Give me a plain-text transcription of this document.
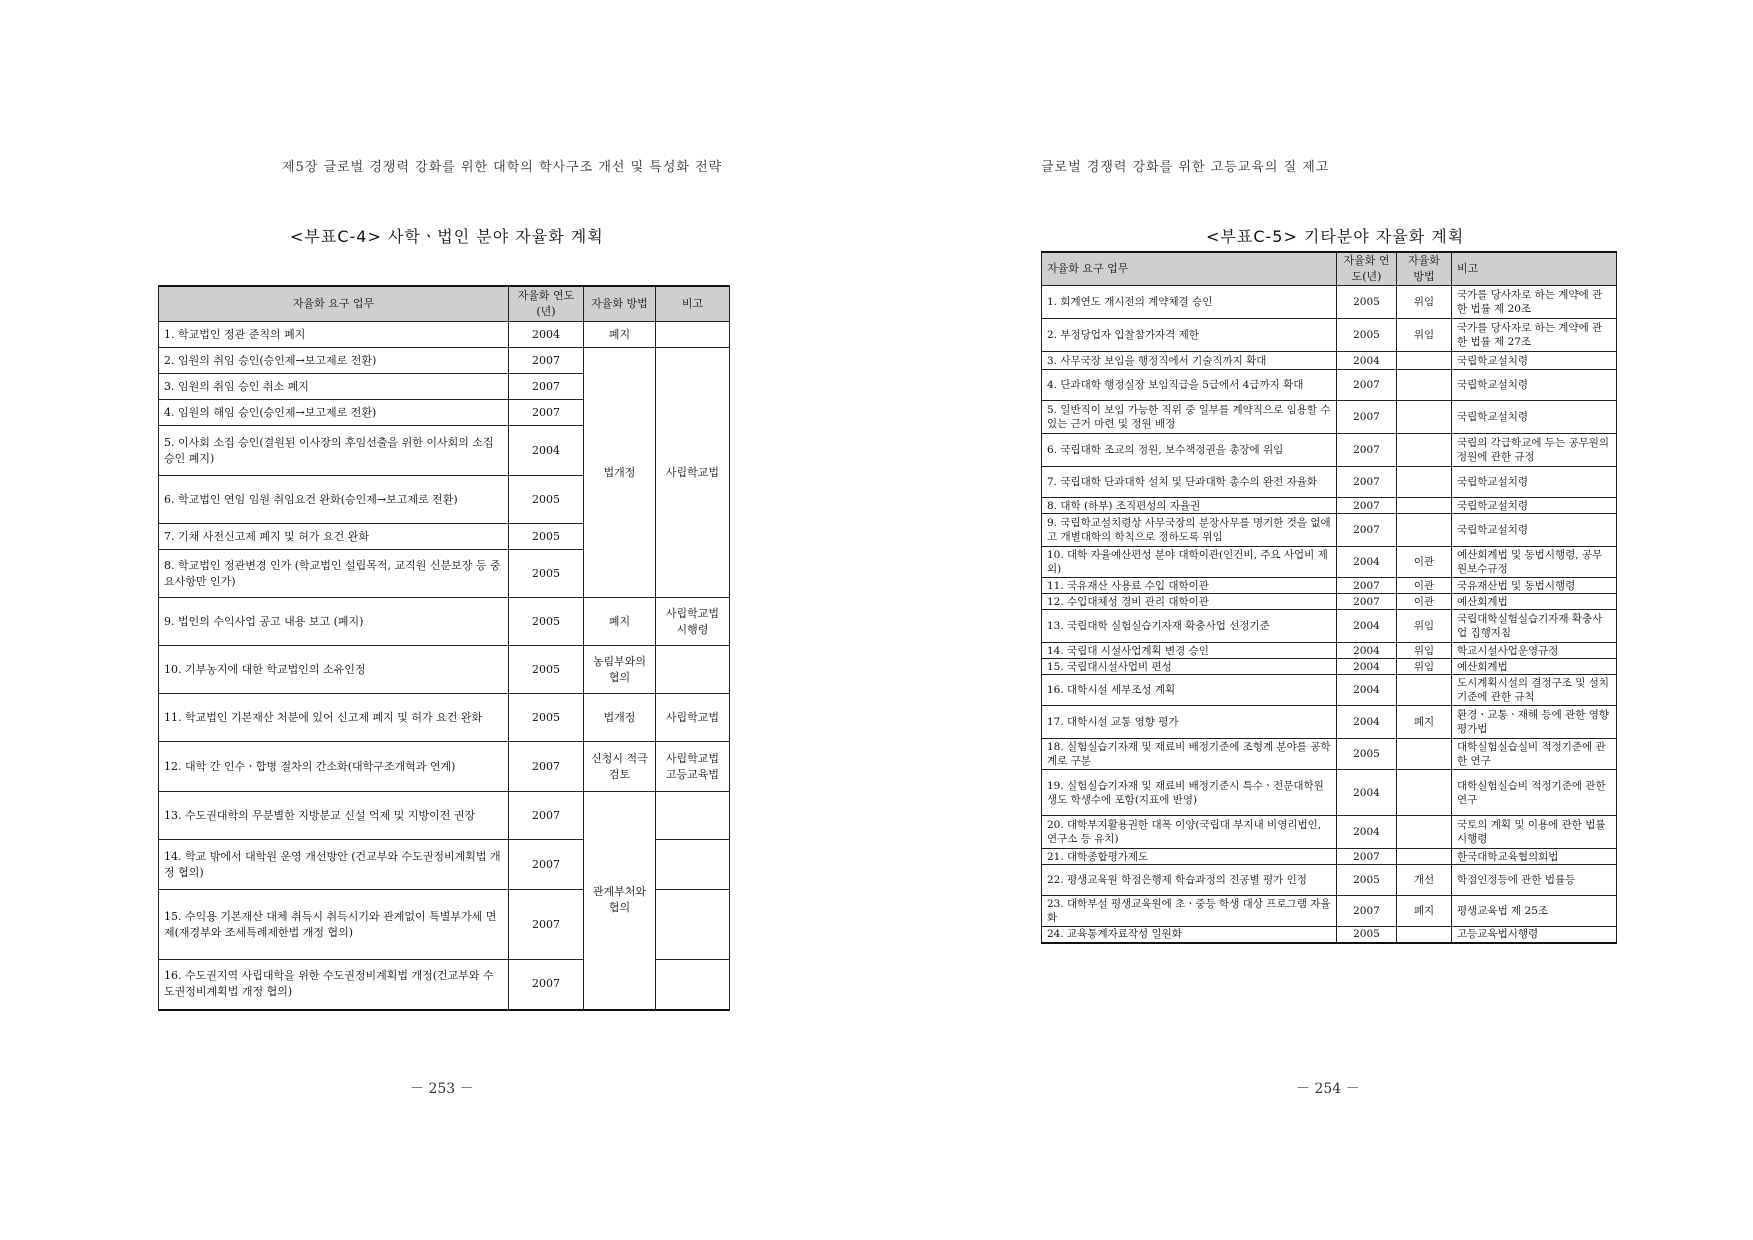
제5장 글로벌 경쟁력 강화를 위한 대학의 학사구조 개선 및 특성화 전략
<부표C-4> 사학ㆍ법인 분야 자율화 계획
자율화 요구 업무	자율화 연도(년)	자율화 방법	비고
1. 학교법인 정관 준칙의 폐지	2004	폐지	
2. 임원의 취임 승인(승인제→보고제로 전환)	2007	법개정	사립학교법
3. 임원의 취임 승인 취소 폐지	2007		
4. 임원의 해임 승인(승인제→보고제로 전환)	2007		
5. 이사회 소집 승인(결원된 이사장의 후임선출을 위한 이사회의 소집 승인 폐지)	2004		
6. 학교법인 연임 임원 취임요건 완화(승인제→보고제로 전환)	2005		
7. 기채 사전신고제 폐지 및 허가 요건 완화	2005		
8. 학교법인 정관변경 인가 (학교법인 설립목적, 교직원 신분보장 등 중요사항만 인가)	2005		
9. 법인의 수익사업 공고 내용 보고 (폐지)	2005	폐지	사립학교법 시행령
10. 기부농지에 대한 학교법인의 소유인정	2005	농림부와의 협의	
11. 학교법인 기본재산 처분에 있어 신고제 폐지 및 허가 요건 완화	2005	법개정	사립학교법
12. 대학 간 인수ㆍ합병 절차의 간소화(대학구조개혁과 연계)	2007	신청시 적극검토	사립학교법 고등교육법
13. 수도권대학의 무분별한 지방분교 신설 억제 및 지방이전 권장	2007	관계부처와 협의	
14. 학교 밖에서 대학원 운영 개선방안 (건교부와 수도권정비계획법 개정 협의)	2007		
15. 수익용 기본재산 대체 취득시 취득시기와 관계없이 특별부가세 면제(재경부와 조세특례제한법 개정 협의)	2007		
16. 수도권지역 사립대학을 위한 수도권정비계획법 개정(건교부와 수도권정비계획법 개정 협의)	2007		
－ 253 －
글로벌 경쟁력 강화를 위한 고등교육의 질 제고
<부표C-5> 기타분야 자율화 계획
자율화 요구 업무	자율화 연도(년)	자율화 방법	비고
1. 회계연도 개시전의 계약체결 승인	2005	위임	국가를 당사자로 하는 계약에 관한 법률 제 20조
2. 부정당업자 입찰참가자격 제한	2005	위임	국가를 당사자로 하는 계약에 관한 법률 제 27조
3. 사무국장 보임을 행정직에서 기술직까지 확대	2004		국립학교설치령
4. 단과대학 행정실장 보임직급을 5급에서 4급까지 확대	2007		국립학교설치령
5. 일반직이 보임 가능한 직위 중 일부를 계약직으로 임용할 수 있는 근거 마련 및 정원 배정	2007		국립학교설치령
6. 국립대학 조교의 정원, 보수책정권을 총장에 위임	2007		국립의 각급학교에 두는 공무원의 정원에 관한 규정
7. 국립대학 단과대학 설치 및 단과대학 총수의 완전 자율화	2007		국립학교설치령
8. 대학 (하부) 조직편성의 자율권	2007		국립학교설치령
9. 국립학교설치령상 사무국장의 분장사무를 명기한 것을 없애고 개별대학의 학칙으로 정하도록 위임	2007		국립학교설치령
10. 대학 자율예산편성 분야 대학이관(인건비, 주요 사업비 제외)	2004	이관	예산회계법 및 동법시행령, 공무원보수규정
11. 국유재산 사용료 수입 대학이관	2007	이관	국유재산법 및 동법시행령
12. 수입대체성 경비 관리 대학이관	2007	이관	예산회계법
13. 국립대학 실험실습기자재 확충사업 선정기준	2004	위임	국립대학실험실습기자재 확충사업 집행지침
14. 국립대 시설사업계획 변경 승인	2004	위임	학교시설사업운영규정
15. 국립대시설사업비 편성	2004	위임	예산회계법
16. 대학시설 세부조성 계획	2004		도시계획시설의 결정구조 및 설치기준에 관한 규칙
17. 대학시설 교통 영향 평가	2004	폐지	환경ㆍ교통ㆍ재해 등에 관한 영향평가법
18. 실험실습기자재 및 재료비 배정기준에 조형계 분야를 공학계로 구분	2005		대학실험실습실비 적정기준에 관한 연구
19. 실험실습기자재 및 재료비 배정기준시 특수ㆍ전문대학원생도 학생수에 포함(지표에 반영)	2004		대학실험실습비 적정기준에 관한연구
20. 대학부지활용권한 대폭 이양(국립대 부지내 비영리법인, 연구소 등 유치)	2004		국토의 계획 및 이용에 관한 법률 시행령
21. 대학종합평가제도	2007		한국대학교육협의회법
22. 평생교육원 학점은행제 학습과정의 전공별 평가 인정	2005	개선	학점인정등에 관한 법률등
23. 대학부설 평생교육원에 초ㆍ중등 학생 대상 프로그램 자율화	2007	폐지	평생교육법 제 25조
24. 교육통계자료작성 일원화	2005		고등교육법시행령
－ 254 －
